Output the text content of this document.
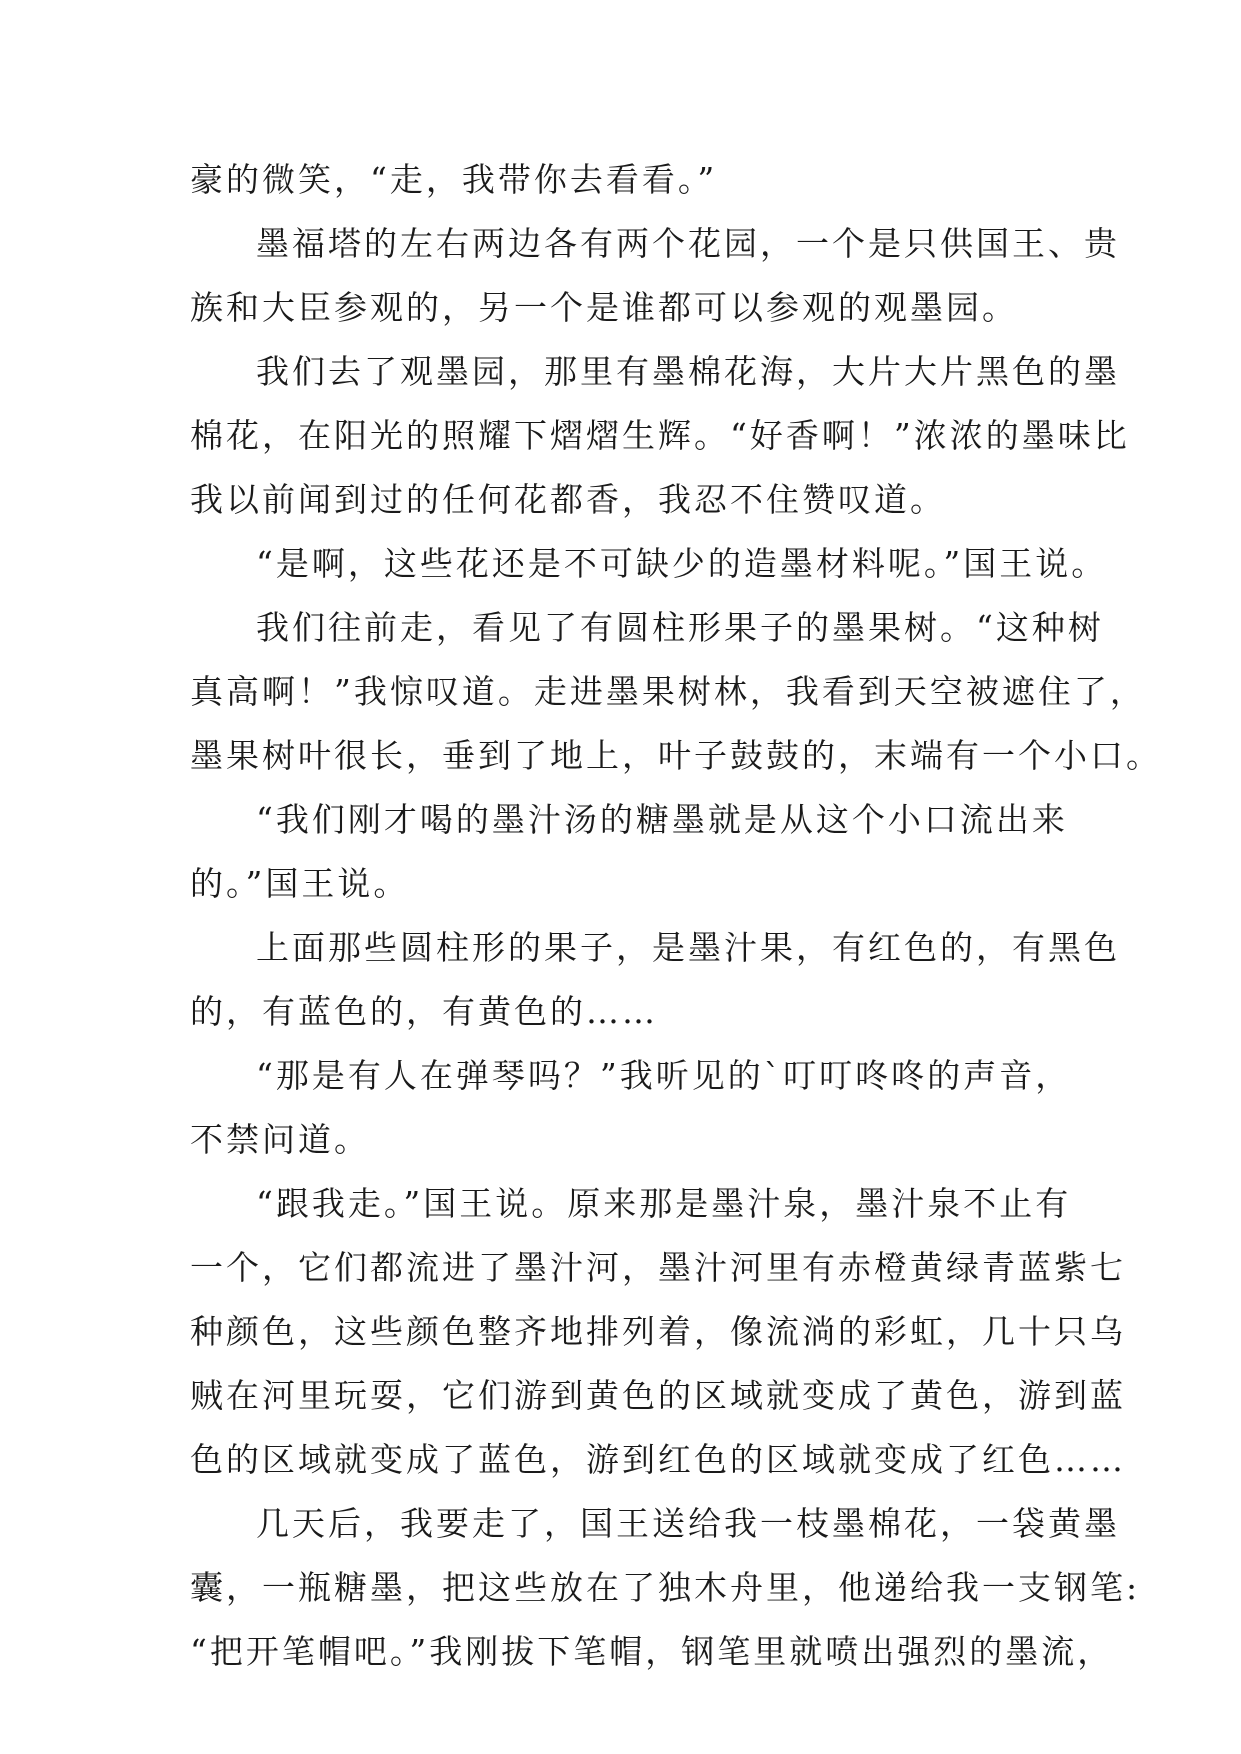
豪的微笑，“走，我带你去看看。”
墨福塔的左右两边各有两个花园，一个是只供国王、贵
族和大臣参观的，另一个是谁都可以参观的观墨园。
我们去了观墨园，那里有墨棉花海，大片大片黑色的墨
棉花，在阳光的照耀下熠熠生辉。“好香啊！”浓浓的墨味比
我以前闻到过的任何花都香，我忍不住赞叹道。
“是啊，这些花还是不可缺少的造墨材料呢。”国王说。
我们往前走，看见了有圆柱形果子的墨果树。“这种树
真高啊！”我惊叹道。走进墨果树林，我看到天空被遮住了，
墨果树叶很长，垂到了地上，叶子鼓鼓的，末端有一个小口。
“我们刚才喝的墨汁汤的糖墨就是从这个小口流出来
的。”国王说。
上面那些圆柱形的果子，是墨汁果，有红色的，有黑色
的，有蓝色的，有黄色的……
“那是有人在弹琴吗？”我听见的`叮叮咚咚的声音，
不禁问道。
“跟我走。”国王说。原来那是墨汁泉，墨汁泉不止有
一个，它们都流进了墨汁河，墨汁河里有赤橙黄绿青蓝紫七
种颜色，这些颜色整齐地排列着，像流淌的彩虹，几十只乌
贼在河里玩耍，它们游到黄色的区域就变成了黄色，游到蓝
色的区域就变成了蓝色，游到红色的区域就变成了红色……
几天后，我要走了，国王送给我一枝墨棉花，一袋黄墨
囊，一瓶糖墨，把这些放在了独木舟里，他递给我一支钢笔:
“把开笔帽吧。”我刚拔下笔帽，钢笔里就喷出强烈的墨流，
